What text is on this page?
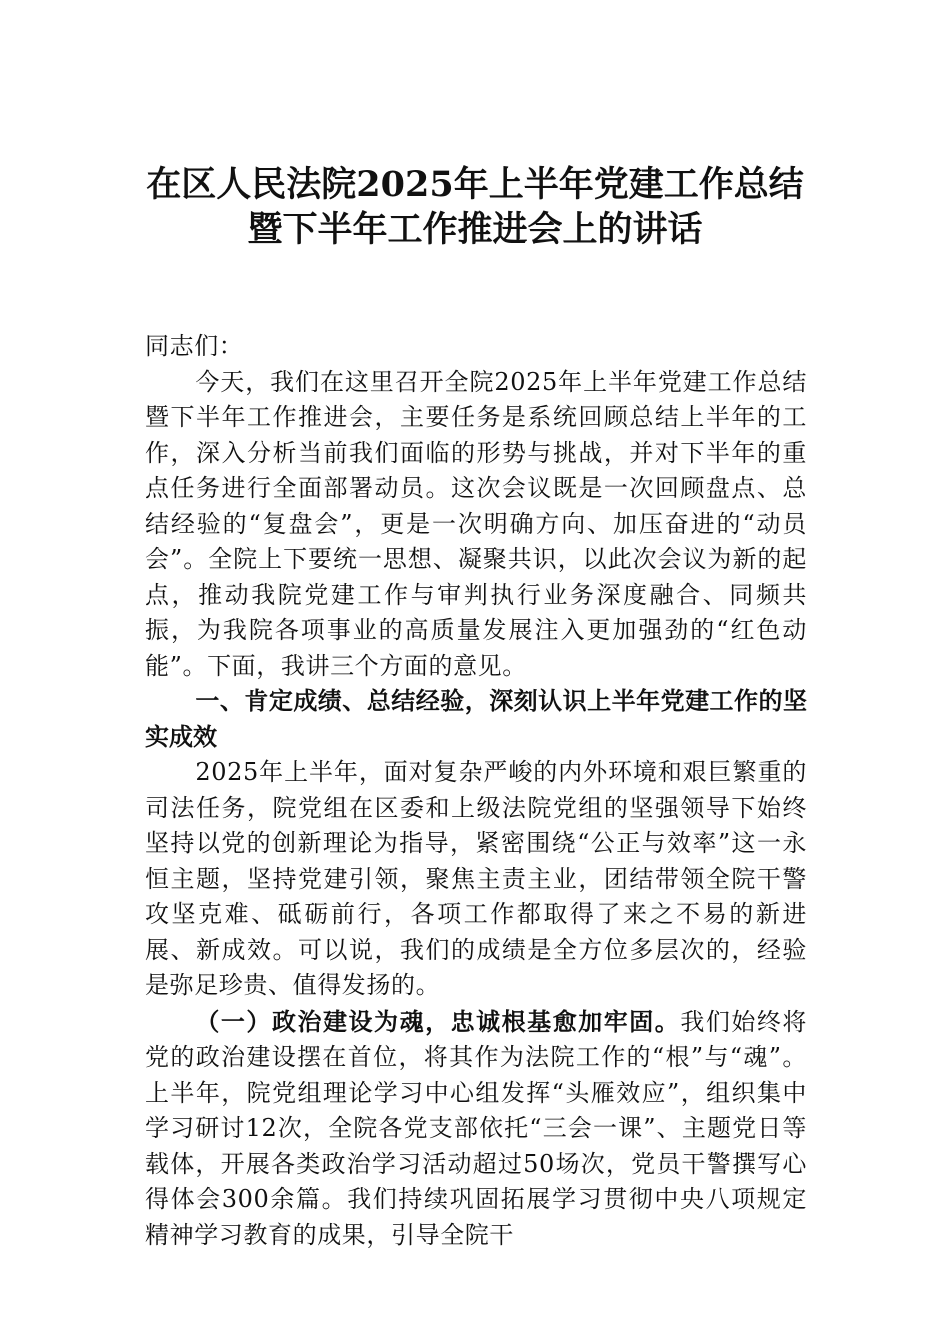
在区人民法院2025年上半年党建工作总结
暨下半年工作推进会上的讲话

同志们：

今天，我们在这里召开全院2025年上半年党建工作总结暨下半年工作推进会，主要任务是系统回顾总结上半年的工作，深入分析当前我们面临的形势与挑战，并对下半年的重点任务进行全面部署动员。这次会议既是一次回顾盘点、总结经验的“复盘会”，更是一次明确方向、加压奋进的“动员会”。全院上下要统一思想、凝聚共识，以此次会议为新的起点，推动我院党建工作与审判执行业务深度融合、同频共振，为我院各项事业的高质量发展注入更加强劲的“红色动能”。下面，我讲三个方面的意见。

一、肯定成绩、总结经验，深刻认识上半年党建工作的坚实成效

2025年上半年，面对复杂严峻的内外环境和艰巨繁重的司法任务，院党组在区委和上级法院党组的坚强领导下始终坚持以党的创新理论为指导，紧密围绕“公正与效率”这一永恒主题，坚持党建引领，聚焦主责主业，团结带领全院干警攻坚克难、砥砺前行，各项工作都取得了来之不易的新进展、新成效。可以说，我们的成绩是全方位多层次的，经验是弥足珍贵、值得发扬的。

（一）政治建设为魂，忠诚根基愈加牢固。我们始终将党的政治建设摆在首位，将其作为法院工作的“根”与“魂”。上半年，院党组理论学习中心组发挥“头雁效应”，组织集中学习研讨12次，全院各党支部依托“三会一课”、主题党日等载体，开展各类政治学习活动超过50场次，党员干警撰写心得体会300余篇。我们持续巩固拓展学习贯彻中央八项规定精神学习教育的成果，引导全院干
